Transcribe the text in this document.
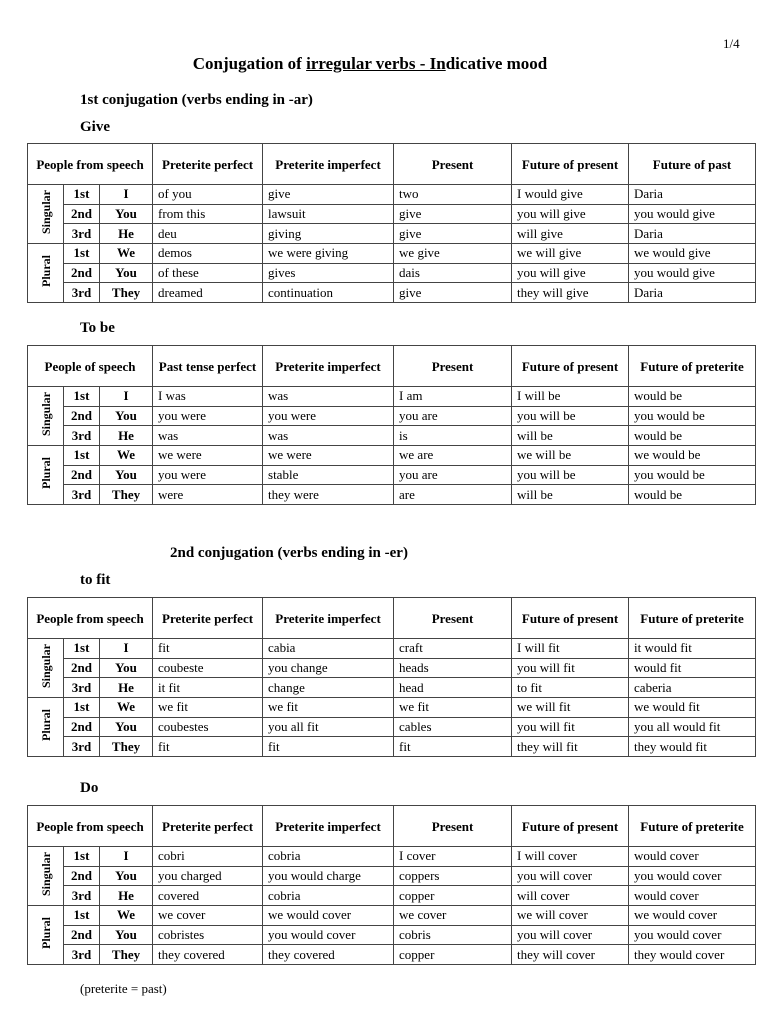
1/4
Conjugation of irregular verbs - Indicative mood
1st conjugation (verbs ending in -ar)
Give
People from speech			Preterite perfect	Preterite imperfect	Present	Future of present	Future of past
Singular	1st	I	of you	give	two	I would give	Daria
	2nd	You	from this	lawsuit	give	you will give	you would give
	3rd	He	deu	giving	give	will give	Daria
Plural	1st	We	demos	we were giving	we give	we will give	we would give
	2nd	You	of these	gives	dais	you will give	you would give
	3rd	They	dreamed	continuation	give	they will give	Daria
To be
People of speech			Past tense perfect	Preterite imperfect	Present	Future of present	Future of preterite
Singular	1st	I	I was	was	I am	I will be	would be
	2nd	You	you were	you were	you are	you will be	you would be
	3rd	He	was	was	is	will be	would be
Plural	1st	We	we were	we were	we are	we will be	we would be
	2nd	You	you were	stable	you are	you will be	you would be
	3rd	They	were	they were	are	will be	would be
2nd conjugation (verbs ending in -er)
to fit
People from speech			Preterite perfect	Preterite imperfect	Present	Future of present	Future of preterite
Singular	1st	I	fit	cabia	craft	I will fit	it would fit
	2nd	You	coubeste	you change	heads	you will fit	would fit
	3rd	He	it fit	change	head	to fit	caberia
Plural	1st	We	we fit	we fit	we fit	we will fit	we would fit
	2nd	You	coubestes	you all fit	cables	you will fit	you all would fit
	3rd	They	fit	fit	fit	they will fit	they would fit
Do
People from speech			Preterite perfect	Preterite imperfect	Present	Future of present	Future of preterite
Singular	1st	I	cobri	cobria	I cover	I will cover	would cover
	2nd	You	you charged	you would charge	coppers	you will cover	you would cover
	3rd	He	covered	cobria	copper	will cover	would cover
Plural	1st	We	we cover	we would cover	we cover	we will cover	we would cover
	2nd	You	cobristes	you would cover	cobris	you will cover	you would cover
	3rd	They	they covered	they covered	copper	they will cover	they would cover
(preterite = past)
